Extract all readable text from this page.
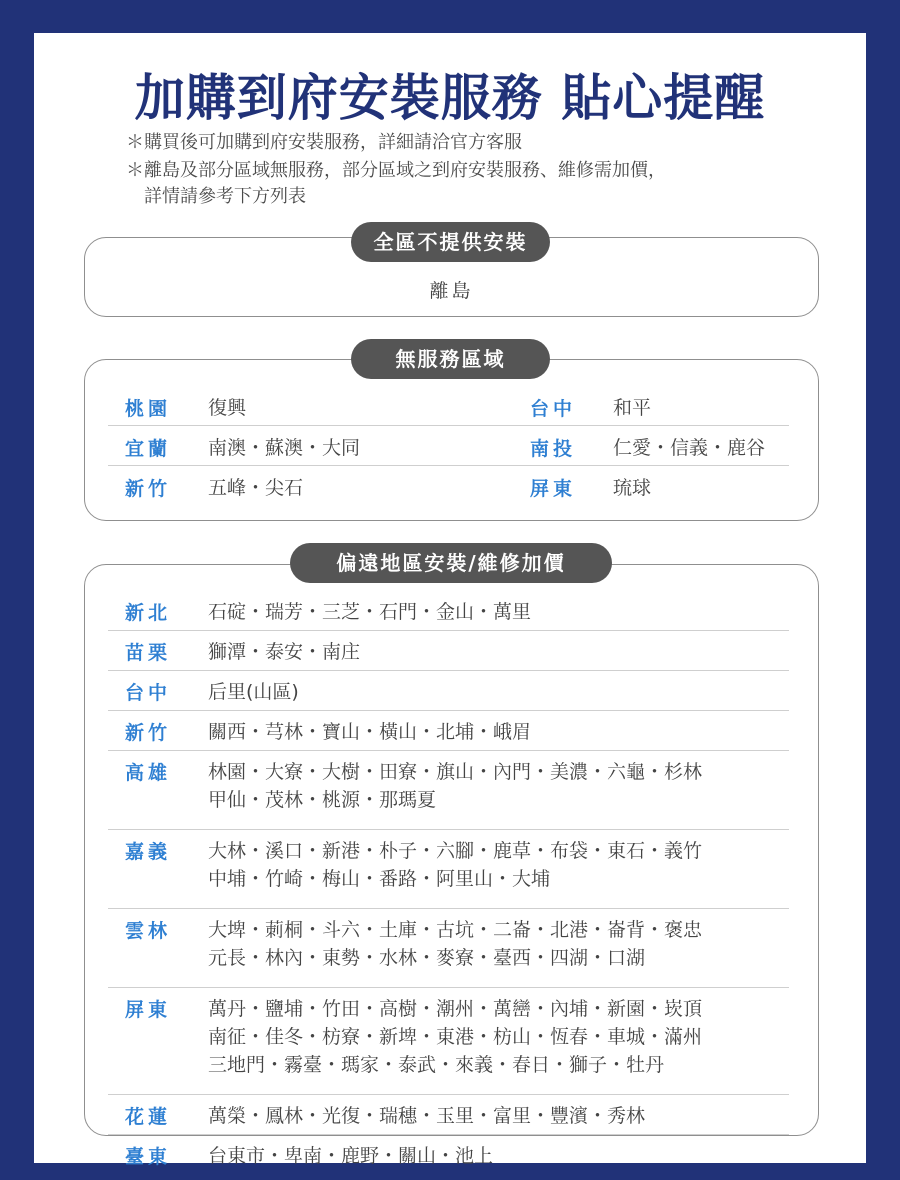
加購到府安裝服務 貼心提醒
＊購買後可加購到府安裝服務，詳細請洽官方客服
＊離島及部分區域無服務，部分區域之到府安裝服務、維修需加價，
詳情請參考下方列表
全區不提供安裝
離島
無服務區域
桃園 復興	台中 和平
宜蘭 南澳・蘇澳・大同	南投 仁愛・信義・鹿谷
新竹 五峰・尖石	屏東 琉球
偏遠地區安裝/維修加價
新北 石碇・瑞芳・三芝・石門・金山・萬里
苗栗 獅潭・泰安・南庄
台中 后里(山區)
新竹 關西・芎林・寶山・橫山・北埔・峨眉
高雄 林園・大寮・大樹・田寮・旗山・內門・美濃・六龜・杉林
甲仙・茂林・桃源・那瑪夏
嘉義 大林・溪口・新港・朴子・六腳・鹿草・布袋・東石・義竹
中埔・竹崎・梅山・番路・阿里山・大埔
雲林 大埤・莿桐・斗六・土庫・古坑・二崙・北港・崙背・褒忠
元長・林內・東勢・水林・麥寮・臺西・四湖・口湖
屏東 萬丹・鹽埔・竹田・高樹・潮州・萬巒・內埔・新園・崁頂
南征・佳冬・枋寮・新埤・東港・枋山・恆春・車城・滿州
三地門・霧臺・瑪家・泰武・來義・春日・獅子・牡丹
花蓮 萬榮・鳳林・光復・瑞穗・玉里・富里・豐濱・秀林
臺東 台東市・卑南・鹿野・關山・池上
